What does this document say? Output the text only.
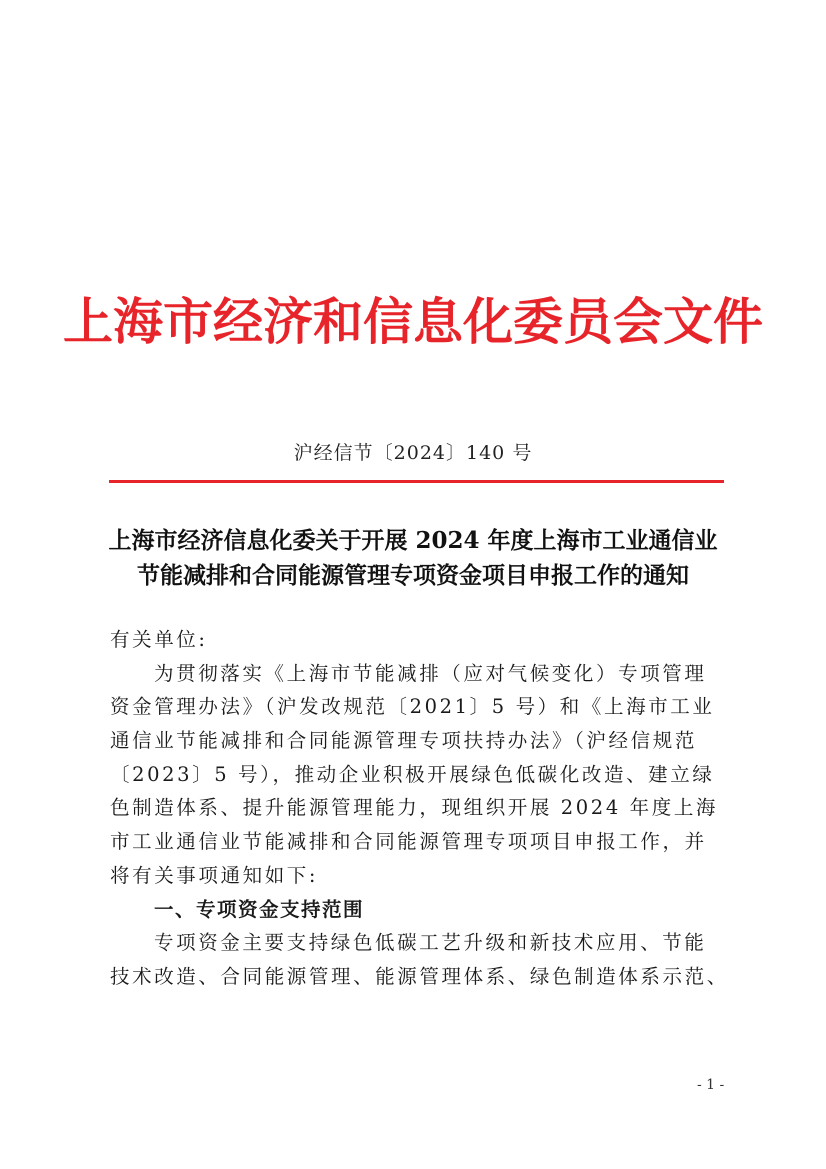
上海市经济和信息化委员会文件
沪经信节〔2024〕140 号
上海市经济信息化委关于开展 2024 年度上海市工业通信业
节能减排和合同能源管理专项资金项目申报工作的通知
有关单位:
为贯彻落实《上海市节能减排（应对气候变化）专项管理
资金管理办法》（沪发改规范〔2021〕5 号）和《上海市工业
通信业节能减排和合同能源管理专项扶持办法》（沪经信规范
〔2023〕5 号），推动企业积极开展绿色低碳化改造、建立绿
色制造体系、提升能源管理能力，现组织开展 2024 年度上海
市工业通信业节能减排和合同能源管理专项项目申报工作，并
将有关事项通知如下:
一、专项资金支持范围
专项资金主要支持绿色低碳工艺升级和新技术应用、节能
技术改造、合同能源管理、能源管理体系、绿色制造体系示范、
- 1 -
